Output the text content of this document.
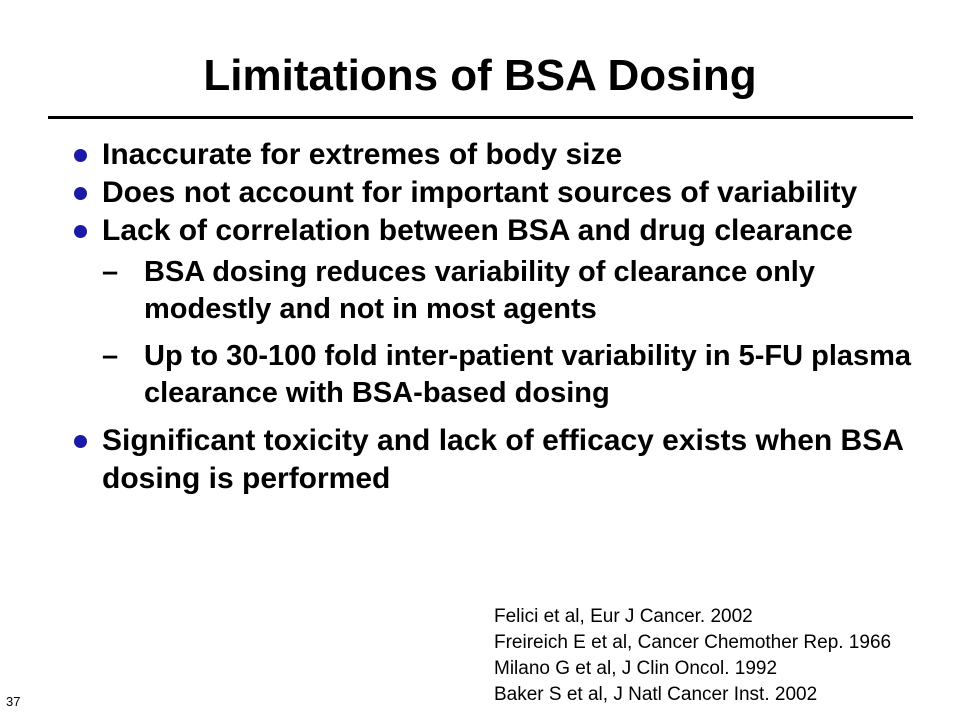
Limitations of BSA Dosing
Inaccurate for extremes of body size
Does not account for important sources of variability
Lack of correlation between BSA and drug clearance
– BSA dosing reduces variability of clearance only modestly and not in most agents
– Up to 30-100 fold inter-patient variability in 5-FU plasma clearance with BSA-based dosing
Significant toxicity and lack of efficacy exists when BSA dosing is performed
Felici et al, Eur J Cancer. 2002
Freireich E et al, Cancer Chemother Rep. 1966
Milano G et al, J Clin Oncol. 1992
Baker S et al, J Natl Cancer Inst. 2002
37
